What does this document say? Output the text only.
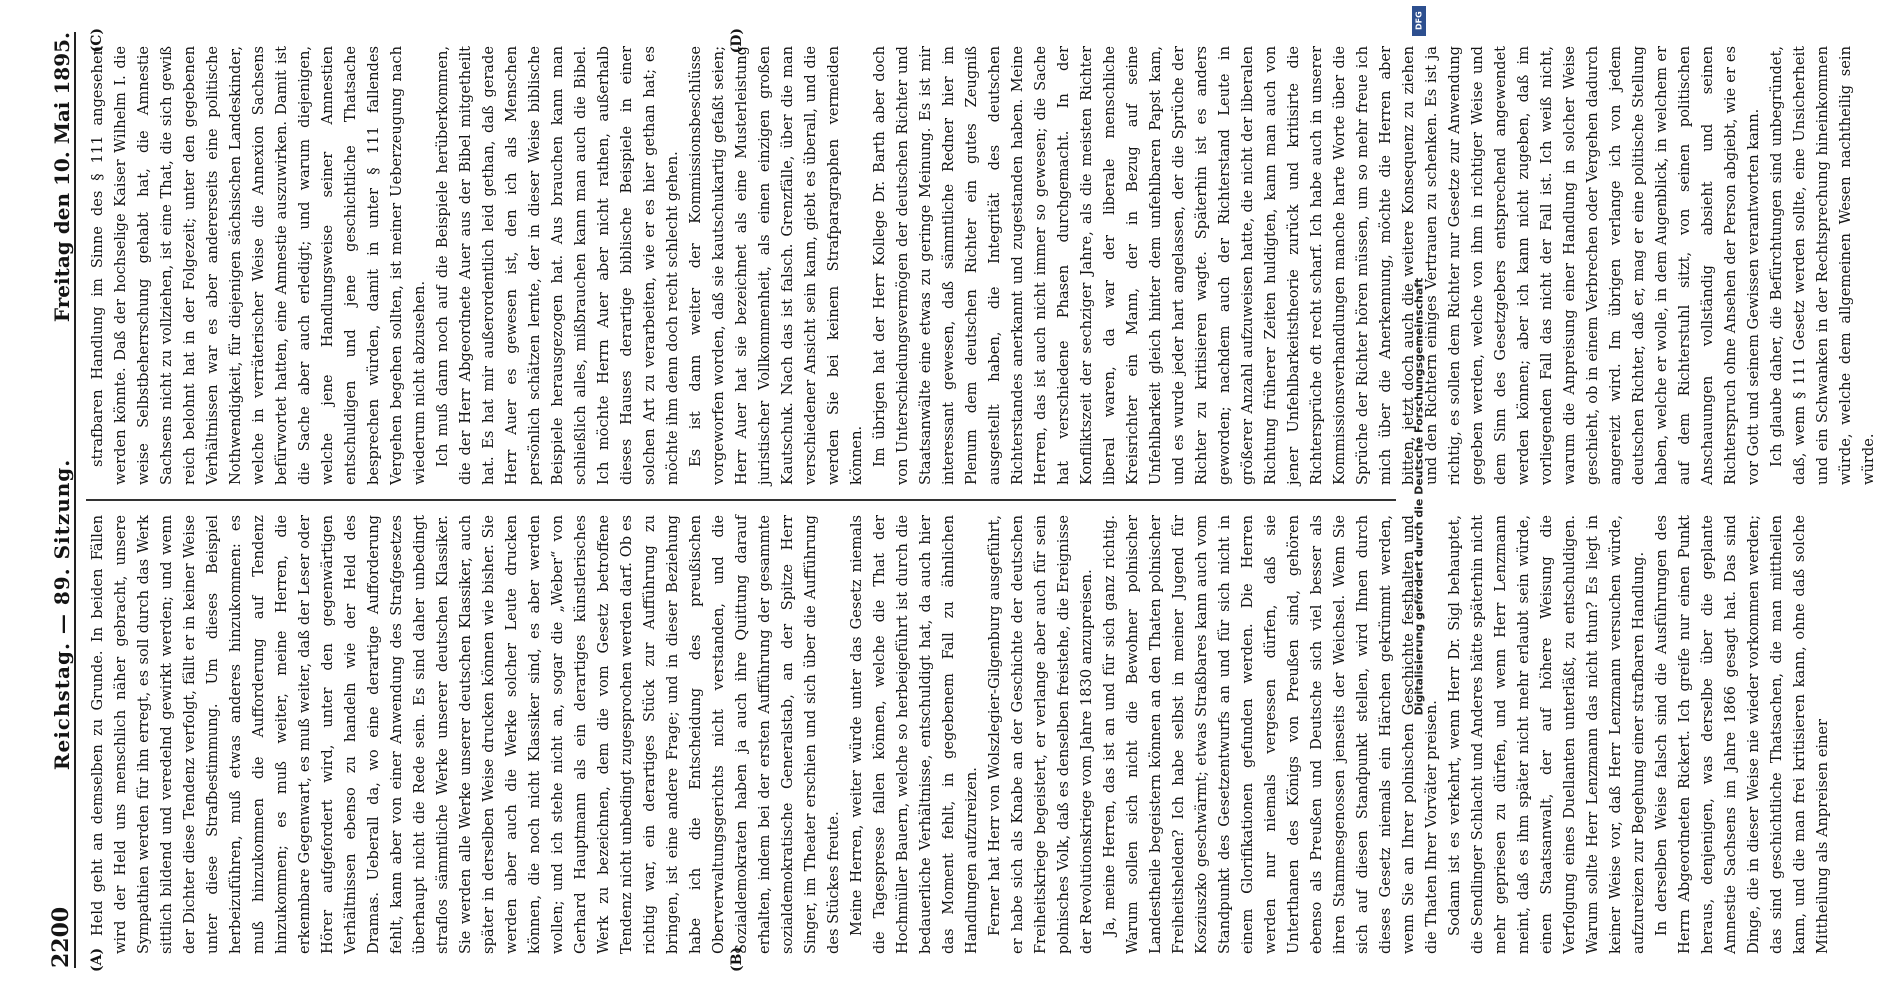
2200
Reichstag. — 89. Sitzung.
Freitag den 10. Mai 1895.
(A)	(B)

Held geht an demselben zu Grunde. In beiden Fällen wird der Held uns menschlich näher gebracht, unsere Sympathien werden für ihn erregt, es soll durch das Werk sittlich bildend und veredelnd gewirkt werden; und wenn der Dichter diese Tendenz verfolgt, fällt er in keiner Weise unter diese Strafbestimmung. Um dieses Beispiel herbeizuführen, muß etwas anderes hinzukommen: es muß hinzukommen die Aufforderung auf Tendenz hinzukommen; es muß weiter, meine Herren, die erkennbare Gegenwart, es muß weiter, daß der Leser oder Hörer aufgefordert wird, unter den gegenwärtigen Verhältnissen ebenso zu handeln wie der Held des Dramas. Ueberall da, wo eine derartige Aufforderung fehlt, kann aber von einer Anwendung des Strafgesetzes überhaupt nicht die Rede sein. Es sind daher unbedingt straflos sämmtliche Werke unserer deutschen Klassiker. Sie werden alle Werke unserer deutschen Klassiker, auch später in derselben Weise drucken können wie bisher. Sie werden aber auch die Werke solcher Leute drucken können, die noch nicht Klassiker sind, es aber werden wollen; und ich stehe nicht an, sogar die „Weber“ von Gerhard Hauptmann als ein derartiges künstlerisches Werk zu bezeichnen, dem die vom Gesetz betroffene Tendenz nicht unbedingt zugesprochen werden darf. Ob es richtig war, ein derartiges Stück zur Aufführung zu bringen, ist eine andere Frage; und in dieser Beziehung habe ich die Entscheidung des preußischen Oberverwaltungsgerichts nicht verstanden, und die Sozialdemokraten haben ja auch ihre Quittung darauf erhalten, indem bei der ersten Aufführung der gesammte sozialdemokratische Generalstab, an der Spitze Herr Singer, im Theater erschien und sich über die Aufführung des Stückes freute. Meine Herren, weiter würde unter das Gesetz niemals die Tagespresse fallen können, welche die That der Hochmüller Bauern, welche so herbeigeführt ist durch die bedauerliche Verhältnisse, entschuldigt hat, da auch hier das Moment fehlt, in gegebenem Fall zu ähnlichen Handlungen aufzureizen. Ferner hat Herr von Wolszlegier-Gilgenburg ausgeführt, er habe sich als Knabe an der Geschichte der deutschen Freiheitskriege begeistert, er verlange aber auch für sein polnisches Volk, daß es denselben freistehe, die Ereignisse der Revolutionskriege vom Jahre 1830 anzupreisen. Ja, meine Herren, das ist an und für sich ganz richtig. Warum sollen sich nicht die Bewohner polnischer Landestheile begeistern können an den Thaten polnischer Freiheitshelden? Ich habe selbst in meiner Jugend für Kosziuszko geschwärmt; etwas Straßbares kann auch vom Standpunkt des Gesetzentwurfs an und für sich nicht in einem Glorifikationen gefunden werden. Die Herren werden nur niemals vergessen dürfen, daß sie Unterthanen des Königs von Preußen sind, gehören ebenso als Preußen und Deutsche sich viel besser als ihren Stammesgenossen jenseits der Weichsel. Wenn Sie sich auf diesen Standpunkt stellen, wird Ihnen durch dieses Gesetz niemals ein Härchen gekrümmt werden, wenn Sie an Ihrer polnischen Geschichte festhalten und die Thaten Ihrer Vorväter preisen. Sodann ist es verkehrt, wenn Herr Dr. Sigl behauptet, die Sendlinger Schlacht und Anderes hätte späterhin nicht mehr gepriesen zu dürfen, und wenn Herr Lenzmann meint, daß es ihm später nicht mehr erlaubt sein würde, einen Staatsanwalt, der auf höhere Weisung die Verfolgung eines Duellanten unterläßt, zu entschuldigen. Warum sollte Herr Lenzmann das nicht thun? Es liegt in keiner Weise vor, daß Herr Lenzmann versuchen würde, aufzureizen zur Begehung einer strafbaren Handlung. In derselben Weise falsch sind die Ausführungen des Herrn Abgeordneten Rickert. Ich greife nur einen Punkt heraus, denjenigen, was derselbe über die geplante Amnestie Sachsens im Jahre 1866 gesagt hat. Das sind Dinge, die in dieser Weise nie wieder vorkommen werden; das sind geschichtliche Thatsachen, die man mittheilen kann, und die man frei kritisieren kann, ohne daß solche Mittheilung als Anpreisen einer

(C)	(D)

strafbaren Handlung im Sinne des § 111 angesehen werden könnte. Daß der hochselige Kaiser Wilhelm I. die weise Selbstbeherrschung gehabt hat, die Amnestie Sachsens nicht zu vollziehen, ist eine That, die sich gewiß reich belohnt hat in der Folgezeit; unter den gegebenen Verhältnissen war es aber andererseits eine politische Nothwendigkeit, für diejenigen sächsischen Landeskinder, welche in verräterischer Weise die Annexion Sachsens befürwortet hatten, eine Amnestie auszuwirken. Damit ist die Sache aber auch erledigt; und warum diejenigen, welche jene Handlungsweise seiner Amnestien entschuldigen und jene geschichtliche Thatsache besprechen würden, damit in unter § 111 fallendes Vergehen begehen sollten, ist meiner Ueberzeugung nach wiederum nicht abzusehen. Ich muß dann noch auf die Beispiele herüberkommen, die der Herr Abgeordnete Auer aus der Bibel mitgetheilt hat. Es hat mir außerordentlich leid gethan, daß gerade Herr Auer es gewesen ist, den ich als Menschen persönlich schätzen lernte, der in dieser Weise biblische Beispiele herausgezogen hat. Aus brauchen kann man schließlich alles, mißbrauchen kann man auch die Bibel. Ich möchte Herrn Auer aber nicht rathen, außerhalb dieses Hauses derartige biblische Beispiele in einer solchen Art zu verarbeiten, wie er es hier gethan hat; es möchte ihm denn doch recht schlecht gehen. Es ist dann weiter der Kommissionsbeschlüsse vorgeworfen worden, daß sie kautschukartig gefaßt seien; Herr Auer hat sie bezeichnet als eine Musterleistung juristischer Vollkommenheit, als einen einzigen großen Kautschuk. Nach das ist falsch. Grenzfälle, über die man verschiedener Ansicht sein kann, giebt es überall, und die werden Sie bei keinem Strafparagraphen vermeiden können. Im übrigen hat der Herr Kollege Dr. Barth aber doch von Unterschiedungsvermögen der deutschen Richter und Staatsanwälte eine etwas zu geringe Meinung. Es ist mir interessant gewesen, daß sämmtliche Redner hier im Plenum dem deutschen Richter ein gutes Zeugniß ausgestellt haben, die Integrität des deutschen Richterstandes anerkannt und zugestanden haben. Meine Herren, das ist auch nicht immer so gewesen; die Sache hat verschiedene Phasen durchgemacht. In der Konfliktszeit der sechziger Jahre, als die meisten Richter liberal waren, da war der liberale menschliche Kreisrichter ein Mann, der in Bezug auf seine Unfehlbarkeit gleich hinter dem unfehlbaren Papst kam, und es wurde jeder hart angelassen, der die Sprüche der Richter zu kritisieren wagte. Späterhin ist es anders geworden; nachdem auch der Richterstand Leute in größerer Anzahl aufzuweisen hatte, die nicht der liberalen Richtung früherer Zeiten huldigten, kann man auch von jener Unfehlbarkeitstheorie zurück und kritisirte die Richtersprüche oft recht scharf. Ich habe auch in unserer Kommissionsverhandlungen manche harte Worte über die Sprüche der Richter hören müssen, um so mehr freue ich mich über die Anerkennung, möchte die Herren aber bitten, jetzt doch auch die weitere Konsequenz zu ziehen und den Richtern einiges Vertrauen zu schenken. Es ist ja richtig, es sollen dem Richter nur Gesetze zur Anwendung gegeben werden, welche von ihm in richtiger Weise und dem Sinn des Gesetzgebers entsprechend angewendet werden können; aber ich kann nicht zugeben, daß im vorliegenden Fall das nicht der Fall ist. Ich weiß nicht, warum die Anpreisung einer Handlung in solcher Weise geschieht, ob in einem Verbrechen oder Vergehen dadurch angereizt wird. Im übrigen verlange ich von jedem deutschen Richter, daß er, mag er eine politische Stellung haben, welche er wolle, in dem Augenblick, in welchem er auf dem Richterstuhl sitzt, von seinen politischen Anschauungen vollständig absieht und seinen Richterspruch ohne Ansehen der Person abgiebt, wie er es vor Gott und seinem Gewissen verantworten kann. Ich glaube daher, die Befürchtungen sind unbegründet, daß, wenn § 111 Gesetz werden sollte, eine Unsicherheit und ein Schwanken in der Rechtsprechung hineinkommen würde, welche dem allgemeinen Wesen nachtheilig sein würde.

Digitalisierung gefördert durch die Deutsche Forschungsgemeinschaft
DFG
